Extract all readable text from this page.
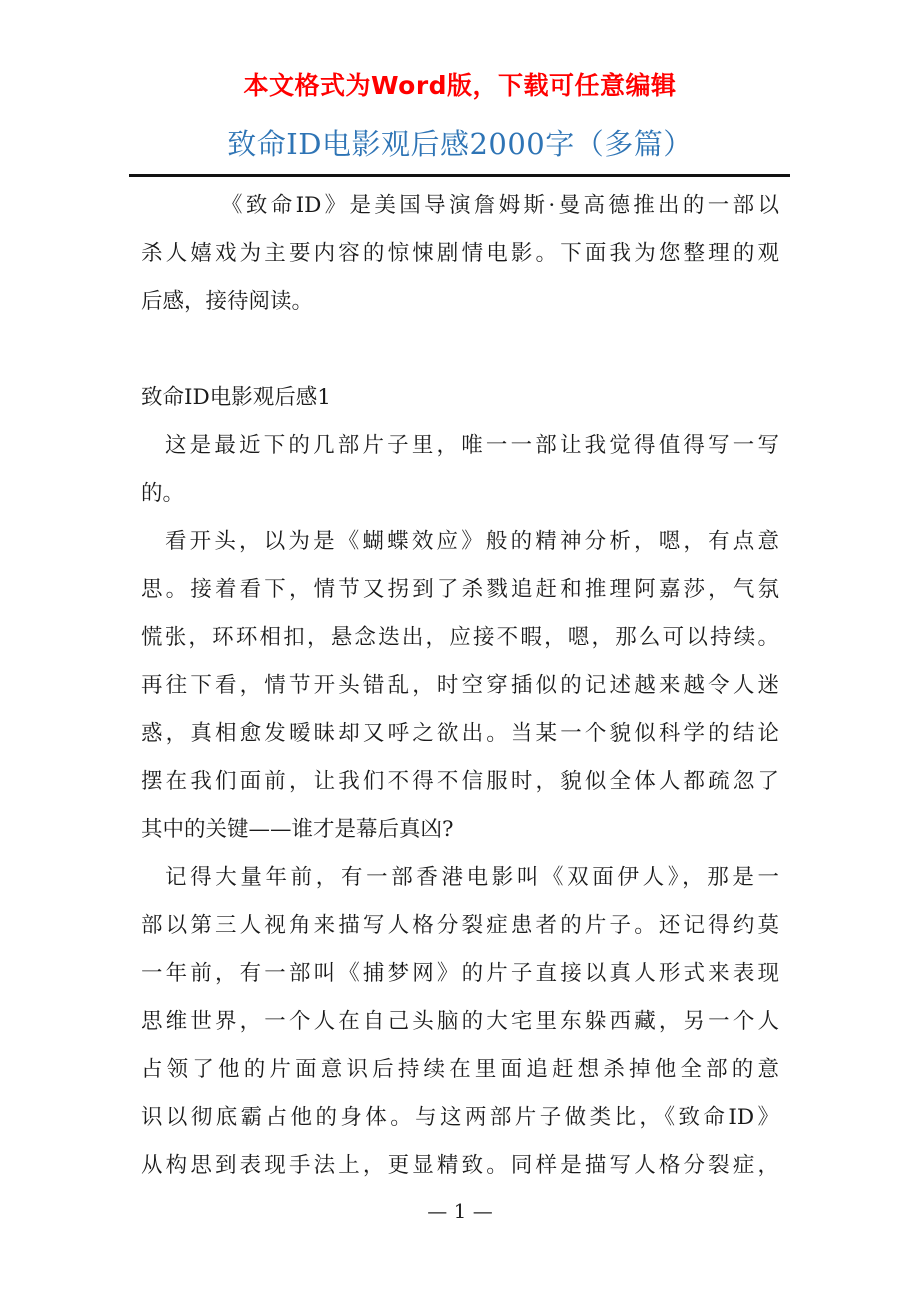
本文格式为Word版，下载可任意编辑
致命ID电影观后感2000字（多篇）
《致命ID》是美国导演詹姆斯·曼高德推出的一部以
杀人嬉戏为主要内容的惊悚剧情电影。下面我为您整理的观
后感，接待阅读。
致命ID电影观后感1
这是最近下的几部片子里，唯一一部让我觉得值得写一写
的。
看开头，以为是《蝴蝶效应》般的精神分析，嗯，有点意
思。接着看下，情节又拐到了杀戮追赶和推理阿嘉莎，气氛
慌张，环环相扣，悬念迭出，应接不暇，嗯，那么可以持续。
再往下看，情节开头错乱，时空穿插似的记述越来越令人迷
惑，真相愈发暧昧却又呼之欲出。当某一个貌似科学的结论
摆在我们面前，让我们不得不信服时，貌似全体人都疏忽了
其中的关键——谁才是幕后真凶?
记得大量年前，有一部香港电影叫《双面伊人》，那是一
部以第三人视角来描写人格分裂症患者的片子。还记得约莫
一年前，有一部叫《捕梦网》的片子直接以真人形式来表现
思维世界，一个人在自己头脑的大宅里东躲西藏，另一个人
占领了他的片面意识后持续在里面追赶想杀掉他全部的意
识以彻底霸占他的身体。与这两部片子做类比，《致命ID》
从构思到表现手法上，更显精致。同样是描写人格分裂症，
— 1 —
